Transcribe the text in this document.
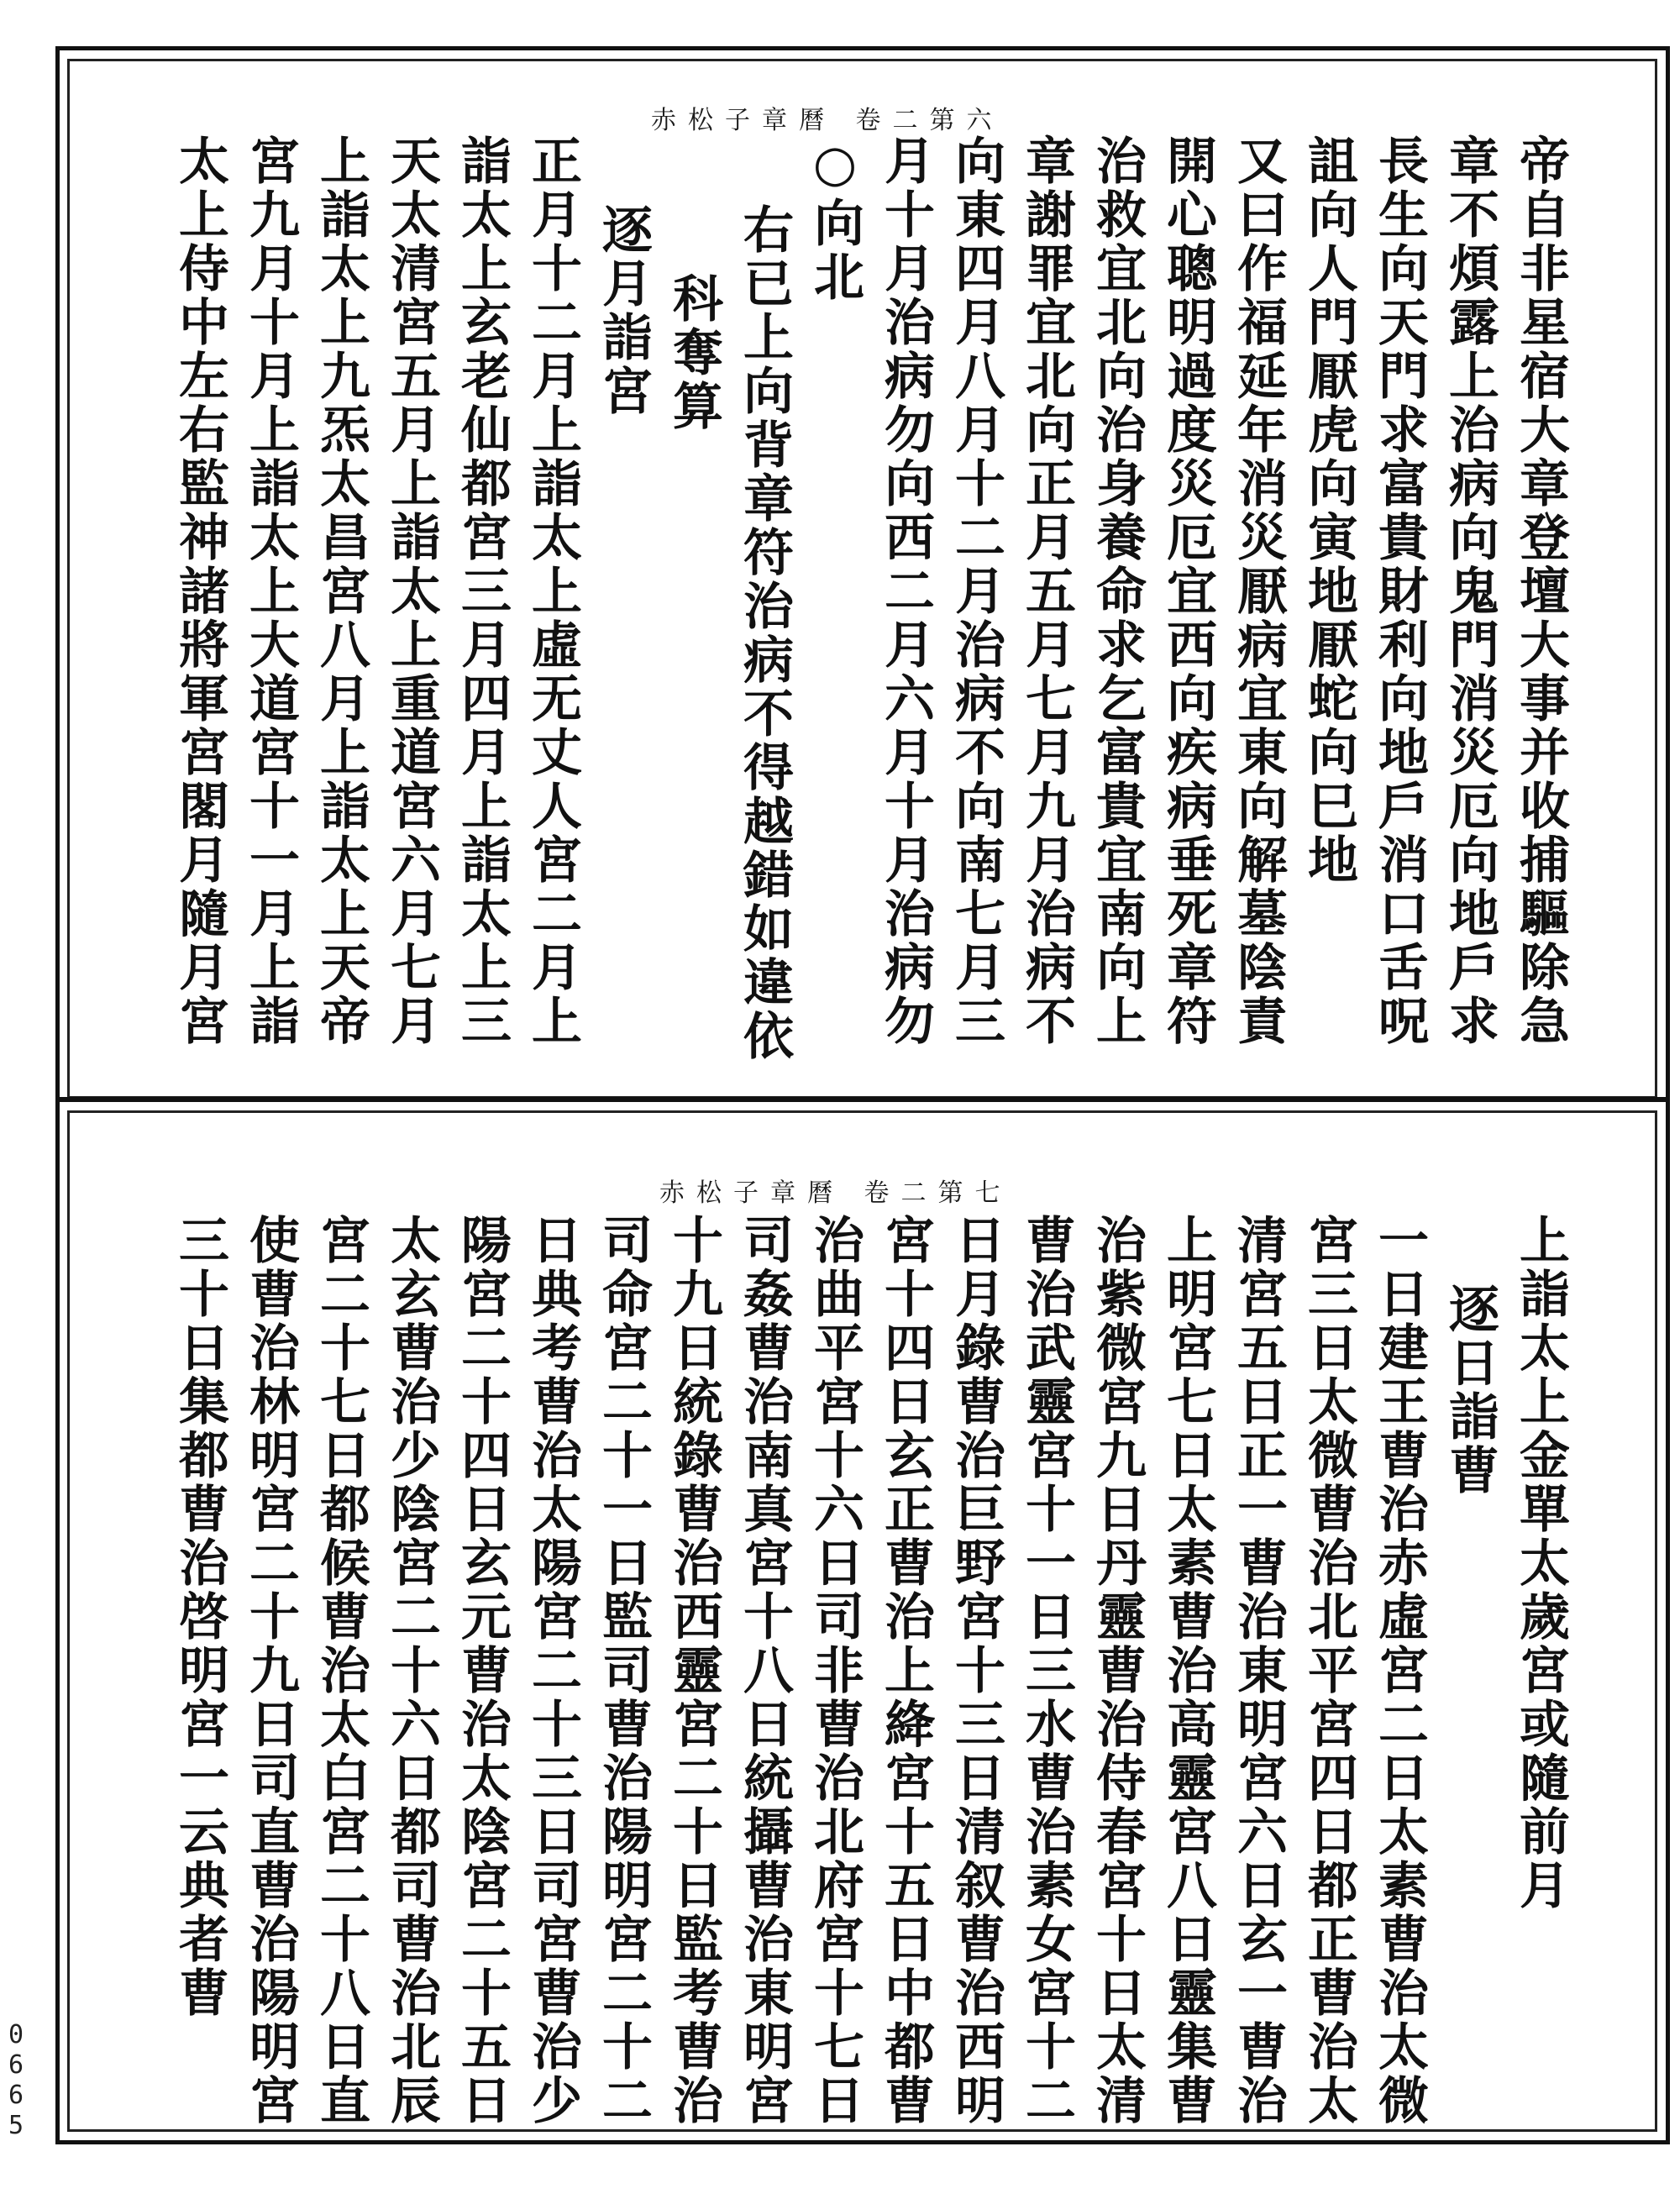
赤松子章曆 卷二第六
帝自非星宿大章登壇大事并收捕驅除急
章不煩露上治病向鬼門消災厄向地戶求
長生向天門求富貴財利向地戶消口舌呪
詛向人門厭虎向寅地厭蛇向巳地
又曰作福延年消災厭病宜東向解墓陰責
開心聰明過度災厄宜西向疾病垂死章符
治救宜北向治身養命求乞富貴宜南向上
章謝罪宜北向正月五月七月九月治病不
向東四月八月十二月治病不向南七月三
月十月治病勿向西二月六月十月治病勿
○向北
右已上向背章符治病不得越錯如違依
科奪算
逐月詣宮
正月十二月上詣太上虛无丈人宮二月上
詣太上玄老仙都宮三月四月上詣太上三
天太清宮五月上詣太上重道宮六月七月
上詣太上九炁太昌宮八月上詣太上天帝
宮九月十月上詣太上大道宮十一月上詣
太上侍中左右監神諸將軍宮閣月隨月宮
赤松子章曆 卷二第七
上詣太上金單太歲宮或隨前月
逐日詣曹
一日建王曹治赤虛宮二日太素曹治太微
宮三日太微曹治北平宮四日都正曹治太
清宮五日正一曹治東明宮六日玄一曹治
上明宮七日太素曹治高靈宮八日靈集曹
治紫微宮九日丹靈曹治侍春宮十日太清
曹治武靈宮十一日三水曹治素女宮十二
日月錄曹治巨野宮十三日清叙曹治西明
宮十四日玄正曹治上絳宮十五日中都曹
治曲平宮十六日司非曹治北府宮十七日
司姦曹治南真宮十八日統攝曹治東明宮
十九日統錄曹治西靈宮二十日監考曹治
司命宮二十一日監司曹治陽明宮二十二
日典考曹治太陽宮二十三日司宮曹治少
陽宮二十四日玄元曹治太陰宮二十五日
太玄曹治少陰宮二十六日都司曹治北辰
宮二十七日都候曹治太白宮二十八日直
使曹治林明宮二十九日司直曹治陽明宮
三十日集都曹治啓明宮一云典者曹
0665
